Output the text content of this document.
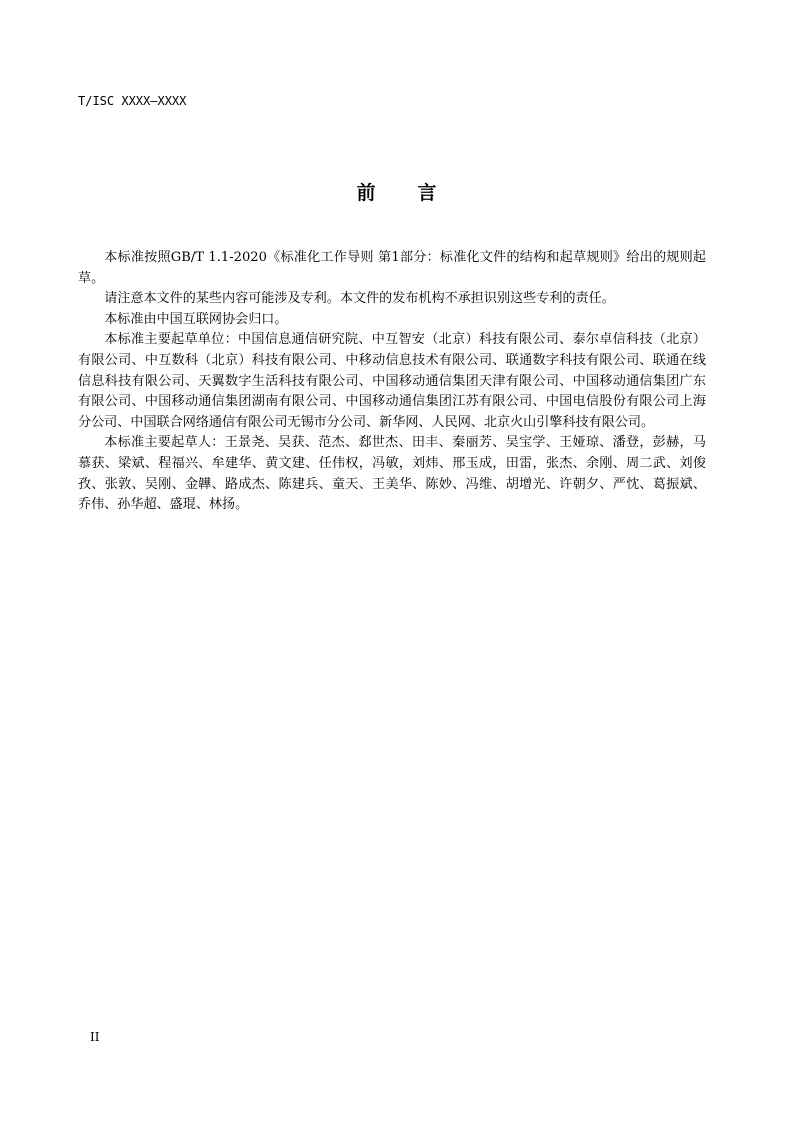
T/ISC XXXX—XXXX
前 言

本标准按照GB/T 1.1-2020《标准化工作导则 第1部分：标准化文件的结构和起草规则》给出的规则起草。

请注意本文件的某些内容可能涉及专利。本文件的发布机构不承担识别这些专利的责任。

本标准由中国互联网协会归口。

本标准主要起草单位：中国信息通信研究院、中互智安（北京）科技有限公司、泰尔卓信科技（北京）有限公司、中互数科（北京）科技有限公司、中移动信息技术有限公司、联通数字科技有限公司、联通在线信息科技有限公司、天翼数字生活科技有限公司、中国移动通信集团天津有限公司、中国移动通信集团广东有限公司、中国移动通信集团湖南有限公司、中国移动通信集团江苏有限公司、中国电信股份有限公司上海分公司、中国联合网络通信有限公司无锡市分公司、新华网、人民网、北京火山引擎科技有限公司。

本标准主要起草人：王景尧、吴获、范杰、郄世杰、田丰、秦丽芳、吴宝学、王娅琼、潘登，彭赫，马慕获、梁斌、程福兴、牟建华、黄文建、任伟权，冯敏，刘炜、邢玉成，田雷，张杰、余刚、周二武、刘俊孜、张敦、吴刚、金韡、路成杰、陈建兵、童天、王美华、陈妙、冯维、胡增光、许朝夕、严忱、葛振斌、乔伟、孙华超、盛琨、林扬。

II
